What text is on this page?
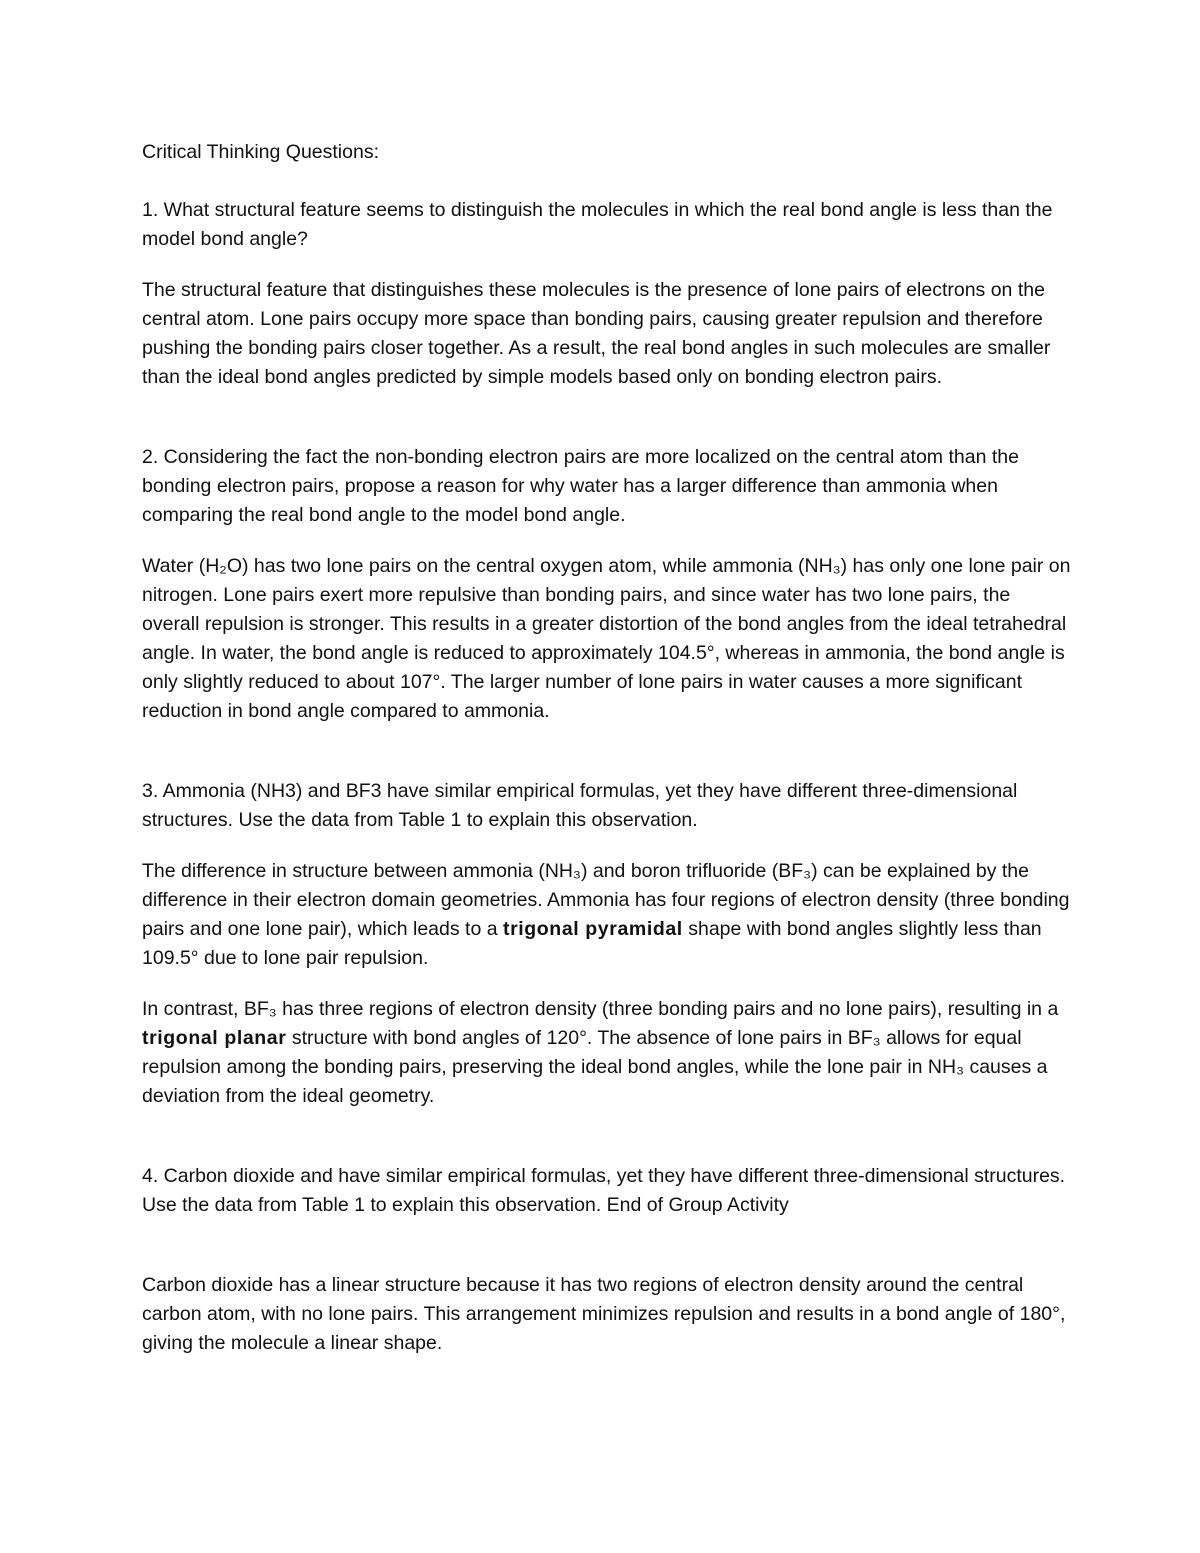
Critical Thinking Questions:

1. What structural feature seems to distinguish the molecules in which the real bond angle is less than the model bond angle?

The structural feature that distinguishes these molecules is the presence of lone pairs of electrons on the central atom. Lone pairs occupy more space than bonding pairs, causing greater repulsion and therefore pushing the bonding pairs closer together. As a result, the real bond angles in such molecules are smaller than the ideal bond angles predicted by simple models based only on bonding electron pairs.

2. Considering the fact the non-bonding electron pairs are more localized on the central atom than the bonding electron pairs, propose a reason for why water has a larger difference than ammonia when comparing the real bond angle to the model bond angle.

Water (H₂O) has two lone pairs on the central oxygen atom, while ammonia (NH₃) has only one lone pair on nitrogen. Lone pairs exert more repulsive than bonding pairs, and since water has two lone pairs, the overall repulsion is stronger. This results in a greater distortion of the bond angles from the ideal tetrahedral angle. In water, the bond angle is reduced to approximately 104.5°, whereas in ammonia, the bond angle is only slightly reduced to about 107°. The larger number of lone pairs in water causes a more significant reduction in bond angle compared to ammonia.

3. Ammonia (NH3) and BF3 have similar empirical formulas, yet they have different three-dimensional structures. Use the data from Table 1 to explain this observation.

The difference in structure between ammonia (NH₃) and boron trifluoride (BF₃) can be explained by the difference in their electron domain geometries. Ammonia has four regions of electron density (three bonding pairs and one lone pair), which leads to a trigonal pyramidal shape with bond angles slightly less than 109.5° due to lone pair repulsion.

In contrast, BF₃ has three regions of electron density (three bonding pairs and no lone pairs), resulting in a trigonal planar structure with bond angles of 120°. The absence of lone pairs in BF₃ allows for equal repulsion among the bonding pairs, preserving the ideal bond angles, while the lone pair in NH₃ causes a deviation from the ideal geometry.

4. Carbon dioxide and have similar empirical formulas, yet they have different three-dimensional structures. Use the data from Table 1 to explain this observation. End of Group Activity

Carbon dioxide has a linear structure because it has two regions of electron density around the central carbon atom, with no lone pairs. This arrangement minimizes repulsion and results in a bond angle of 180°, giving the molecule a linear shape.
